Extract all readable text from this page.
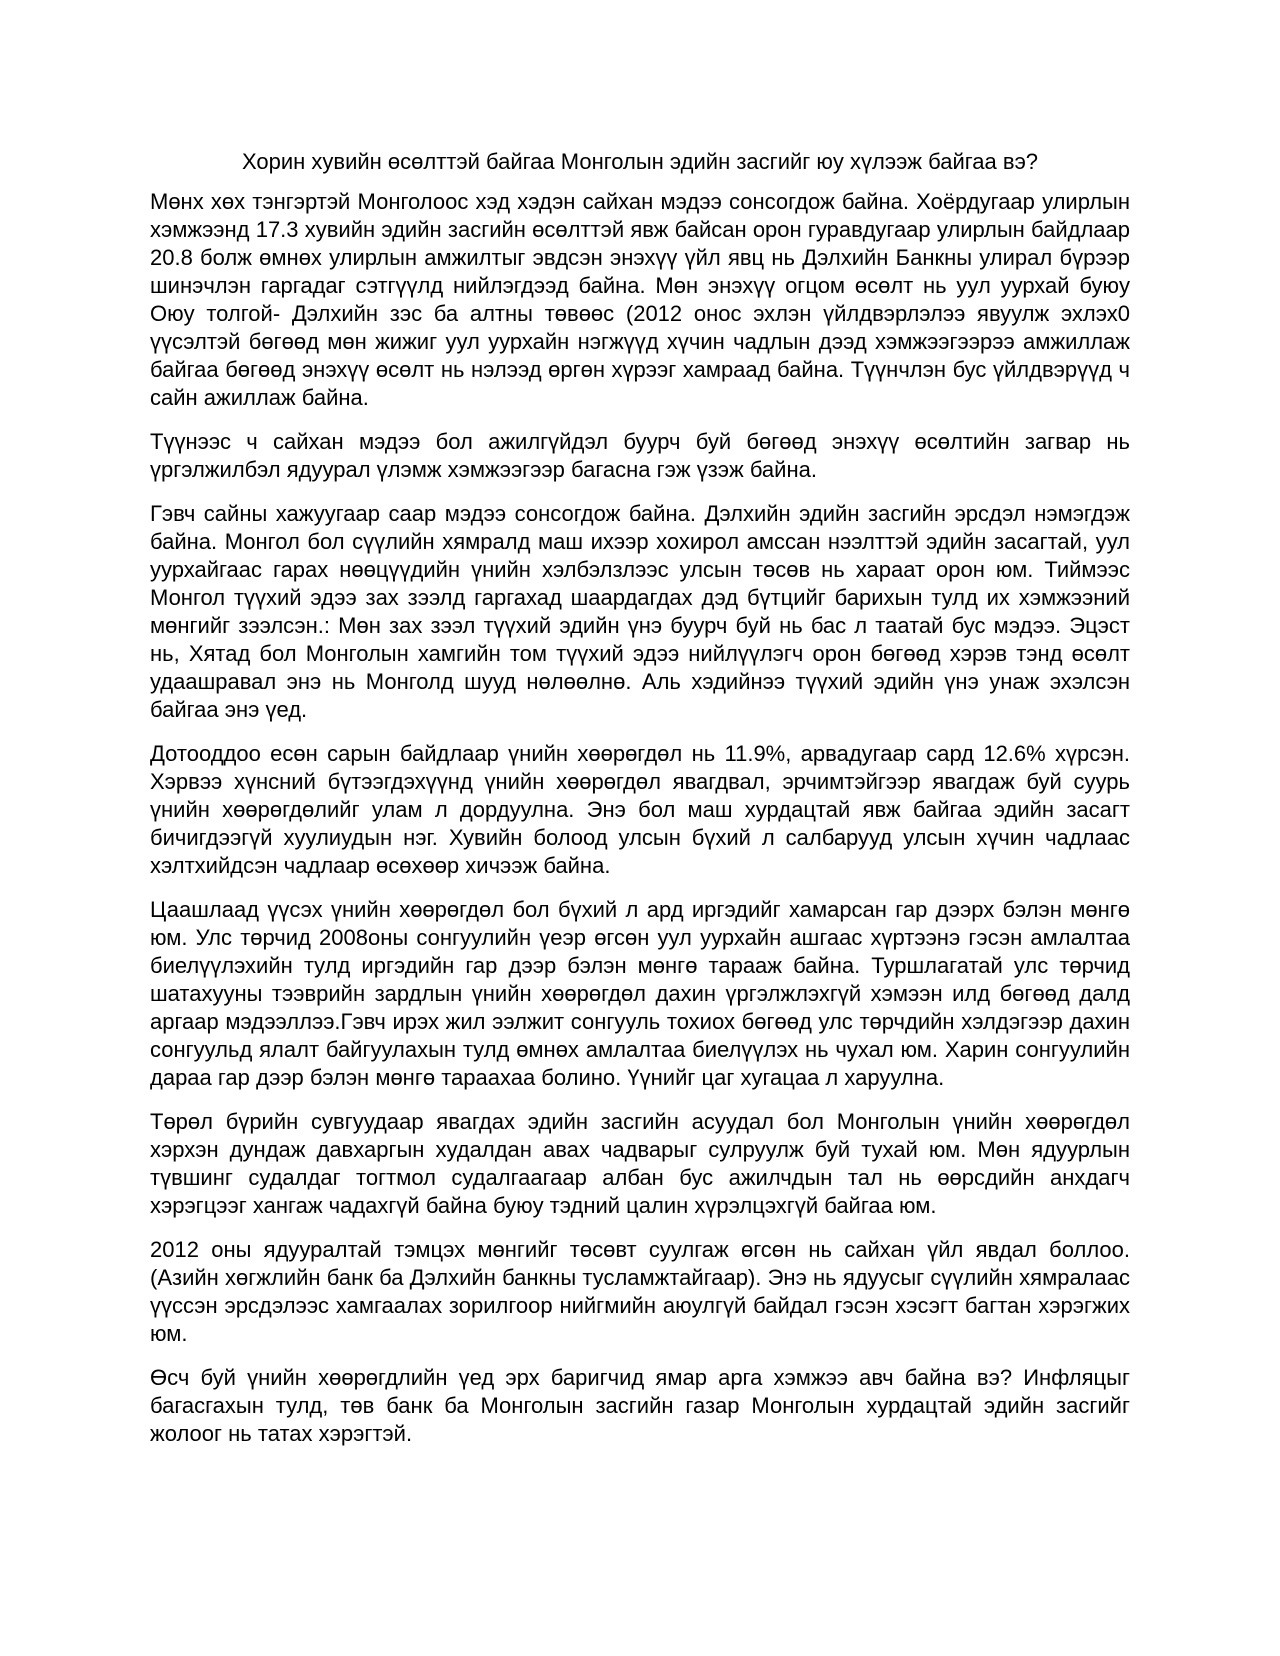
Хорин хувийн өсөлттэй байгаа Монголын эдийн засгийг юу хүлээж байгаа вэ?

Мөнх хөх тэнгэртэй Монголоос хэд хэдэн сайхан мэдээ сонсогдож байна. Хоёрдугаар улирлын хэмжээнд 17.3 хувийн эдийн засгийн өсөлттэй явж байсан орон гуравдугаар улирлын байдлаар 20.8 болж өмнөх улирлын амжилтыг эвдсэн энэхүү үйл явц нь Дэлхийн Банкны улирал бүрээр шинэчлэн гаргадаг сэтгүүлд нийлэгдээд байна. Мөн энэхүү огцом өсөлт нь уул уурхай буюу Оюу толгой- Дэлхийн зэс ба алтны төвөөс (2012 онос эхлэн үйлдвэрлэлээ явуулж эхлэх0 үүсэлтэй бөгөөд мөн жижиг уул уурхайн нэгжүүд хүчин чадлын дээд хэмжээгээрээ амжиллаж байгаа бөгөөд энэхүү өсөлт нь нэлээд өргөн хүрээг хамраад байна. Түүнчлэн бус үйлдвэрүүд ч сайн ажиллаж байна.

Түүнээс ч сайхан мэдээ бол ажилгүйдэл буурч буй бөгөөд энэхүү өсөлтийн загвар нь үргэлжилбэл ядуурал үлэмж хэмжээгээр багасна гэж үзэж байна.

Гэвч сайны хажуугаар саар мэдээ сонсогдож байна. Дэлхийн эдийн засгийн эрсдэл нэмэгдэж байна. Монгол бол сүүлийн хямралд маш ихээр хохирол амссан нээлттэй эдийн засагтай, уул уурхайгаас гарах нөөцүүдийн үнийн хэлбэлзлээс улсын төсөв нь хараат орон юм. Тиймээс Монгол түүхий эдээ зах зээлд гаргахад шаардагдах дэд бүтцийг барихын тулд их хэмжээний мөнгийг зээлсэн.: Мөн зах зээл түүхий эдийн үнэ буурч буй нь бас л таатай бус мэдээ. Эцэст нь, Хятад бол Монголын хамгийн том түүхий эдээ нийлүүлэгч орон бөгөөд хэрэв тэнд өсөлт удаашравал энэ нь Монголд шууд нөлөөлнө. Аль хэдийнээ түүхий эдийн үнэ унаж эхэлсэн байгаа энэ үед.

Дотооддоо есөн сарын байдлаар үнийн хөөрөгдөл нь 11.9%, арвадугаар сард 12.6% хүрсэн. Хэрвээ хүнсний бүтээгдэхүүнд үнийн хөөрөгдөл явагдвал, эрчимтэйгээр явагдаж буй суурь үнийн хөөрөгдөлийг улам л дордуулна. Энэ бол маш хурдацтай явж байгаа эдийн засагт бичигдээгүй хуулиудын нэг. Хувийн болоод улсын бүхий л салбарууд улсын хүчин чадлаас хэлтхийдсэн чадлаар өсөхөөр хичээж байна.

Цаашлаад үүсэх үнийн хөөрөгдөл бол бүхий л ард иргэдийг хамарсан гар дээрх бэлэн мөнгө юм. Улс төрчид 2008оны сонгуулийн үеэр өгсөн уул уурхайн ашгаас хүртээнэ гэсэн амлалтаа биелүүлэхийн тулд иргэдийн гар дээр бэлэн мөнгө тарааж байна. Туршлагатай улс төрчид шатахууны тээврийн зардлын үнийн хөөрөгдөл дахин үргэлжлэхгүй хэмээн илд бөгөөд далд аргаар мэдээллээ.Гэвч ирэх жил ээлжит сонгууль тохиох бөгөөд улс төрчдийн хэлдэгээр дахин сонгуульд ялалт байгуулахын тулд өмнөх амлалтаа биелүүлэх нь чухал юм. Харин сонгуулийн дараа гар дээр бэлэн мөнгө тараахаа болино. Үүнийг цаг хугацаа л харуулна.

Төрөл бүрийн сувгуудаар явагдах эдийн засгийн асуудал бол Монголын үнийн хөөрөгдөл хэрхэн дундаж давхаргын худалдан авах чадварыг сулруулж буй тухай юм. Мөн ядуурлын түвшинг судалдаг тогтмол судалгаагаар албан бус ажилчдын тал нь өөрсдийн анхдагч хэрэгцээг хангаж чадахгүй байна буюу тэдний цалин хүрэлцэхгүй байгаа юм.

2012 оны ядууралтай тэмцэх мөнгийг төсөвт суулгаж өгсөн нь сайхан үйл явдал боллоо. (Азийн хөгжлийн банк ба Дэлхийн банкны тусламжтайгаар). Энэ нь ядуусыг сүүлийн хямралаас үүссэн эрсдэлээс хамгаалах зорилгоор нийгмийн аюулгүй байдал гэсэн хэсэгт багтан хэрэгжих юм.

Өсч буй үнийн хөөрөгдлийн үед эрх баригчид ямар арга хэмжээ авч байна вэ? Инфляцыг багасгахын тулд, төв банк ба Монголын засгийн газар Монголын хурдацтай эдийн засгийг жолоог нь татах хэрэгтэй.
